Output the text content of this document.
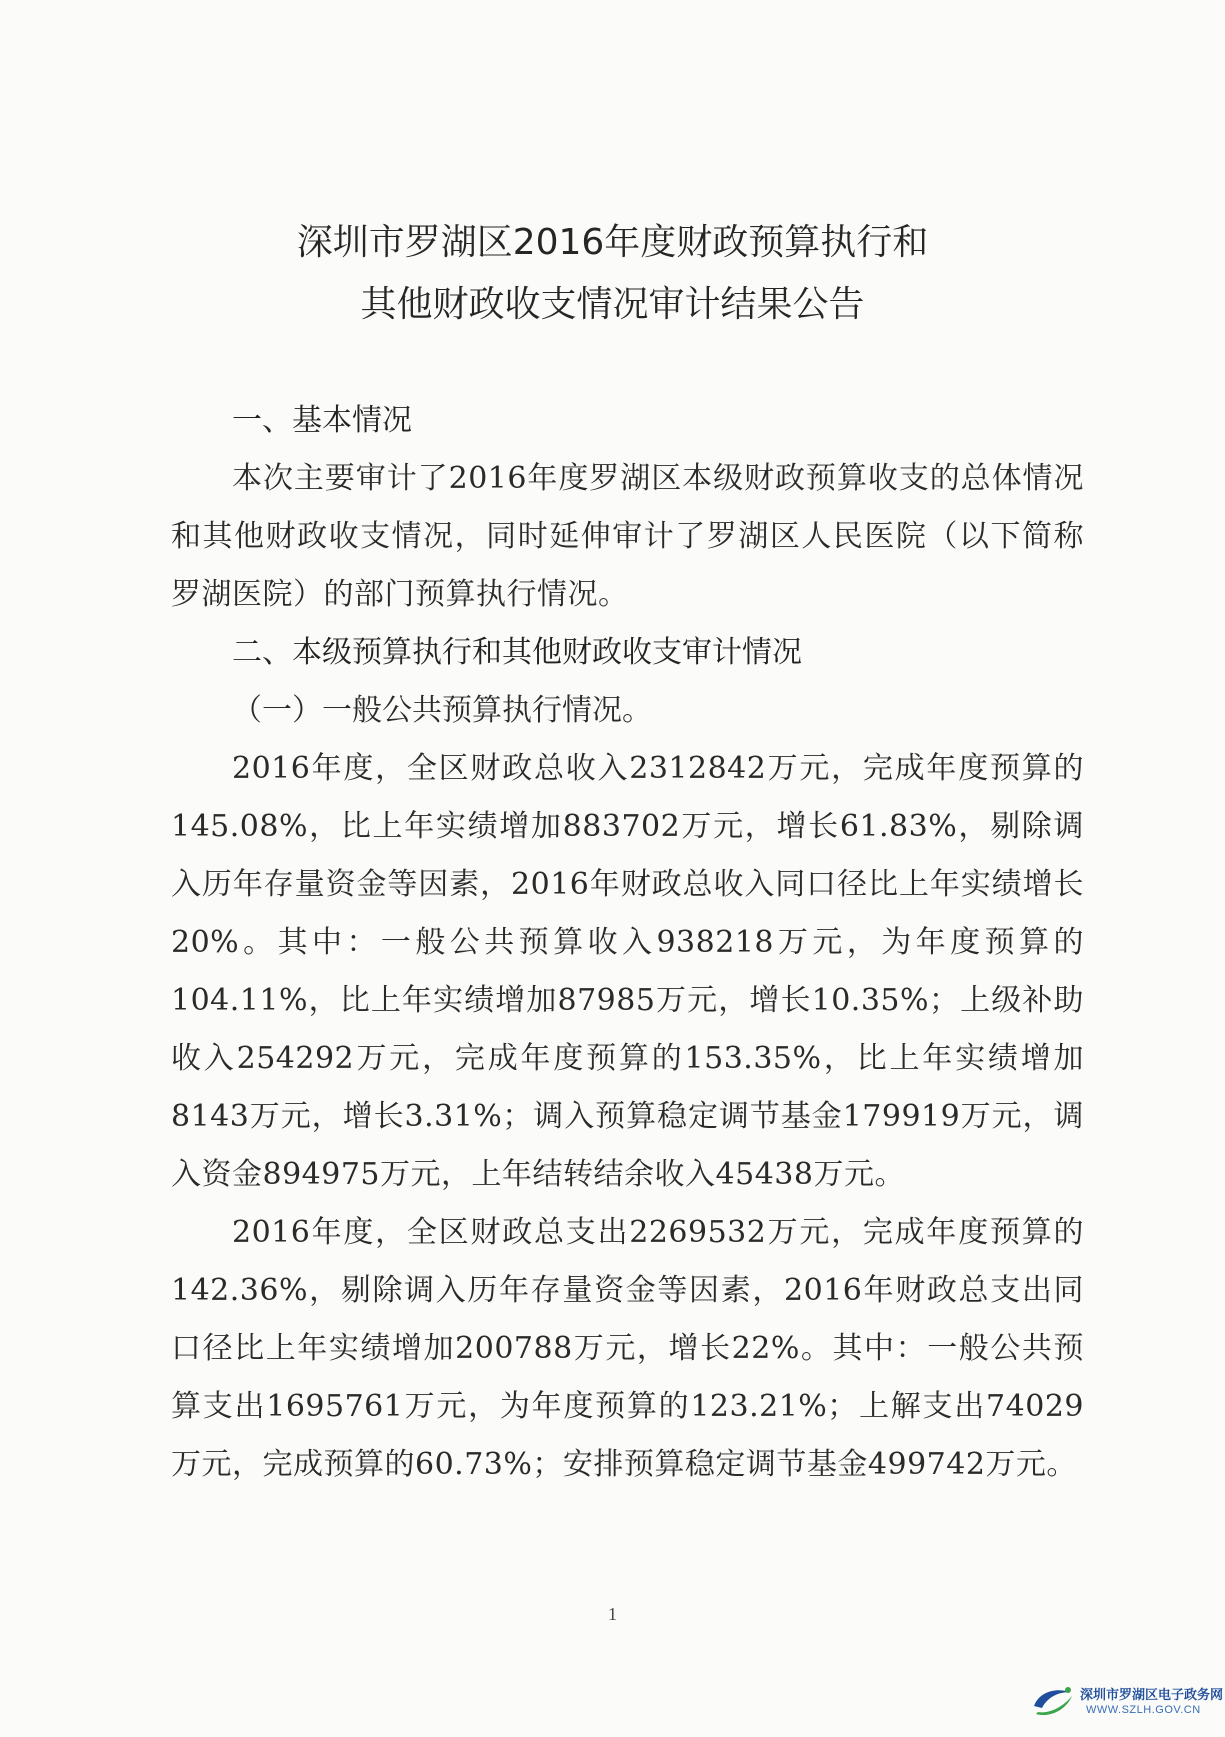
深圳市罗湖区2016年度财政预算执行和
其他财政收支情况审计结果公告

一、基本情况

本次主要审计了2016年度罗湖区本级财政预算收支的总体情况和其他财政收支情况，同时延伸审计了罗湖区人民医院（以下简称罗湖医院）的部门预算执行情况。

二、本级预算执行和其他财政收支审计情况

（一）一般公共预算执行情况。

2016年度，全区财政总收入2312842万元，完成年度预算的145.08%，比上年实绩增加883702万元，增长61.83%，剔除调入历年存量资金等因素，2016年财政总收入同口径比上年实绩增长20%。其中：一般公共预算收入938218万元，为年度预算的104.11%，比上年实绩增加87985万元，增长10.35%；上级补助收入254292万元，完成年度预算的153.35%，比上年实绩增加8143万元，增长3.31%；调入预算稳定调节基金179919万元，调入资金894975万元，上年结转结余收入45438万元。

2016年度，全区财政总支出2269532万元，完成年度预算的142.36%，剔除调入历年存量资金等因素，2016年财政总支出同口径比上年实绩增加200788万元，增长22%。其中：一般公共预算支出1695761万元，为年度预算的123.21%；上解支出74029万元，完成预算的60.73%；安排预算稳定调节基金499742万元。

1
深圳市罗湖区电子政务网
WWW.SZLH.GOV.CN
